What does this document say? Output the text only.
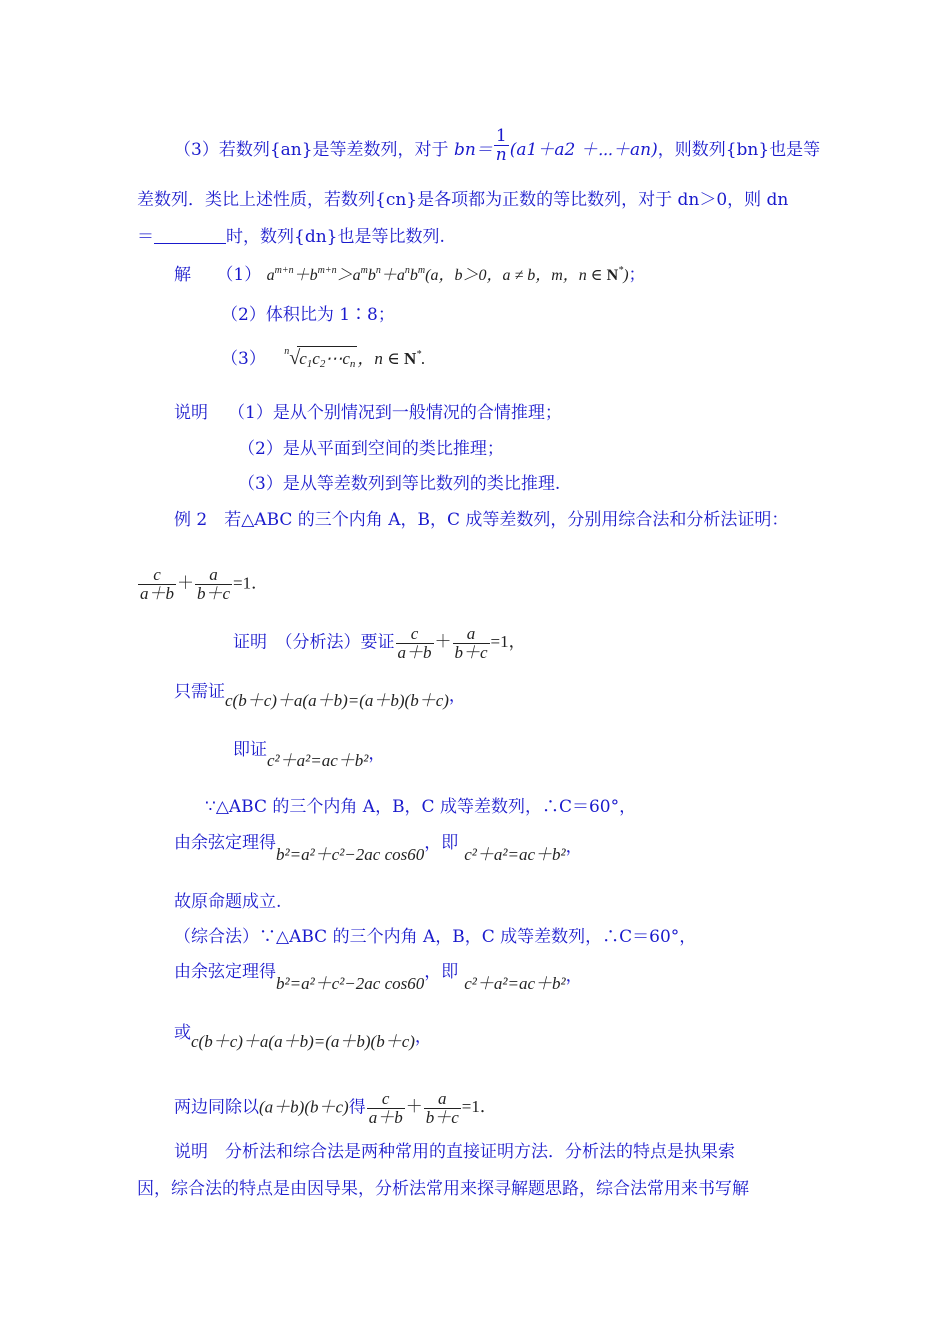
（3）若数列{an}是等差数列，对于 $bn= \frac{1}{n} (a1+a2$ ＋⋯＋an)，则数列{bn}也是等
差数列．类比上述性质，若数列{cn}是各项都为正数的等比数列，对于 dn＞0，则 dn
＝	时，数列{dn}也是等比数列.
解 （1） $a^{m+n}+b^{m+n}>a^mb^n+a^nb^m(a$，b＞0，a ≠ b，m，n ∈ N*)；
（2）体积比为 1∶8；
（3） n √ $c_1c_2\cdots c_n$ ，n ∈ N*.
说明 （1）是从个别情况到一般情况的合情推理；
（2）是从平面到空间的类比推理；
（3）是从等差数列到等比数列的类比推理.
例 2　若△ABC 的三个内角 A，B，C 成等差数列，分别用综合法和分析法证明：
$\frac{c}{a+b} + \frac{a}{b+c} =1$．
证明　（分析法）要证 $\frac{c}{a+b} + \frac{a}{b+c} =1$，
只需证c(b＋c)＋a(a＋b)=(a＋b)(b＋c)，
即证c²＋a²=ac＋b²，
∵△ABC 的三个内角 A，B，C 成等差数列，∴C＝60°，
由余弦定理得b²=a²＋c²−2ac cos60，即c²＋a²=ac＋b²，
故原命题成立.
（综合法）∵△ABC 的三个内角 A，B，C 成等差数列，∴C＝60°，
由余弦定理得b²=a²＋c²−2ac cos60，即c²＋a²=ac＋b²，
或c(b＋c)＋a(a＋b)=(a＋b)(b＋c)，
两边同除以(a＋b)(b＋c)得 $\frac{c}{a+b} + \frac{a}{b+c} =1$．
说明　分析法和综合法是两种常用的直接证明方法．分析法的特点是执果索
因，综合法的特点是由因导果，分析法常用来探寻解题思路，综合法常用来书写解
